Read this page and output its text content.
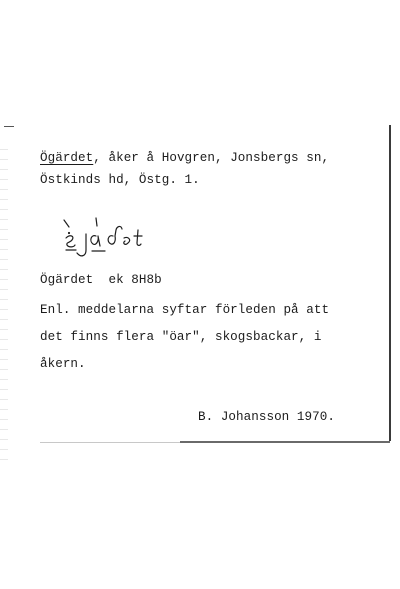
Ögärdet, åker å Hovgren, Jonsbergs sn,
Östkinds hd, Östg. 1.
Ögärdet  ek 8H8b
Enl. meddelarna syftar förleden på att
det finns flera "öar", skogsbackar, i
åkern.
B. Johansson 1970.
